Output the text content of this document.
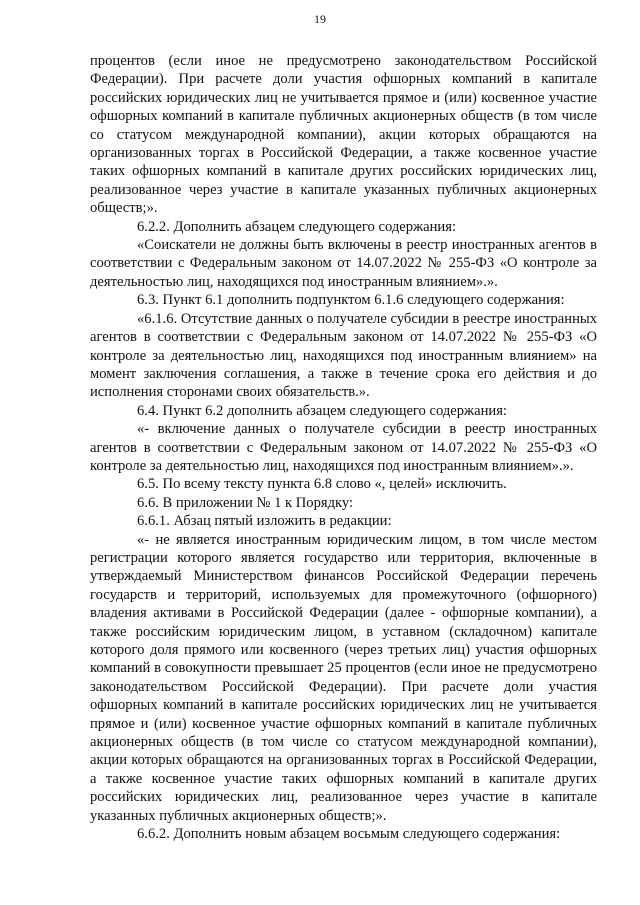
19

процентов (если иное не предусмотрено законодательством Российской Федерации). При расчете доли участия офшорных компаний в капитале российских юридических лиц не учитывается прямое и (или) косвенное участие офшорных компаний в капитале публичных акционерных обществ (в том числе со статусом международной компании), акции которых обращаются на организованных торгах в Российской Федерации, а также косвенное участие таких офшорных компаний в капитале других российских юридических лиц, реализованное через участие в капитале указанных публичных акционерных обществ;».

6.2.2. Дополнить абзацем следующего содержания:

«Соискатели не должны быть включены в реестр иностранных агентов в соответствии с Федеральным законом от 14.07.2022 № 255-ФЗ «О контроле за деятельностью лиц, находящихся под иностранным влиянием».».

6.3. Пункт 6.1 дополнить подпунктом 6.1.6 следующего содержания:

«6.1.6. Отсутствие данных о получателе субсидии в реестре иностранных агентов в соответствии с Федеральным законом от 14.07.2022 № 255-ФЗ «О контроле за деятельностью лиц, находящихся под иностранным влиянием» на момент заключения соглашения, а также в течение срока его действия и до исполнения сторонами своих обязательств.».

6.4. Пункт 6.2 дополнить абзацем следующего содержания:

«- включение данных о получателе субсидии в реестр иностранных агентов в соответствии с Федеральным законом от 14.07.2022 № 255-ФЗ «О контроле за деятельностью лиц, находящихся под иностранным влиянием».».

6.5. По всему тексту пункта 6.8 слово «, целей» исключить.

6.6. В приложении № 1 к Порядку:

6.6.1. Абзац пятый изложить в редакции:

«- не является иностранным юридическим лицом, в том числе местом регистрации которого является государство или территория, включенные в утверждаемый Министерством финансов Российской Федерации перечень государств и территорий, используемых для промежуточного (офшорного) владения активами в Российской Федерации (далее - офшорные компании), а также российским юридическим лицом, в уставном (складочном) капитале которого доля прямого или косвенного (через третьих лиц) участия офшорных компаний в совокупности превышает 25 процентов (если иное не предусмотрено законодательством Российской Федерации). При расчете доли участия офшорных компаний в капитале российских юридических лиц не учитывается прямое и (или) косвенное участие офшорных компаний в капитале публичных акционерных обществ (в том числе со статусом международной компании), акции которых обращаются на организованных торгах в Российской Федерации, а также косвенное участие таких офшорных компаний в капитале других российских юридических лиц, реализованное через участие в капитале указанных публичных акционерных обществ;».

6.6.2. Дополнить новым абзацем восьмым следующего содержания:
